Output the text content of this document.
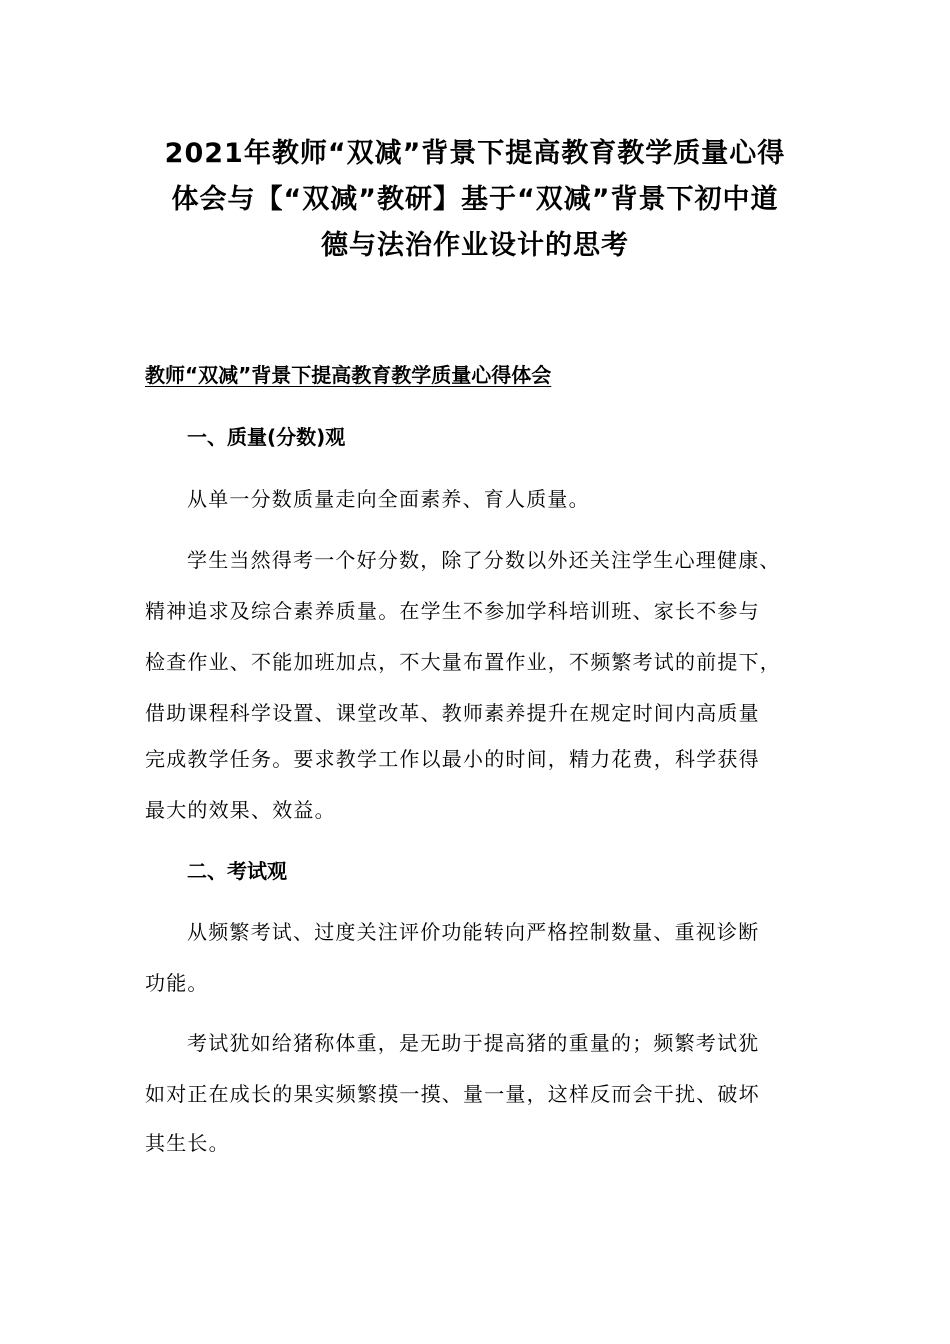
2021年教师“双减”背景下提高教育教学质量心得
体会与【“双减”教研】基于“双减”背景下初中道
德与法治作业设计的思考
教师“双减”背景下提高教育教学质量心得体会
一、质量(分数)观
从单一分数质量走向全面素养、育人质量。
学生当然得考一个好分数，除了分数以外还关注学生心理健康、
精神追求及综合素养质量。在学生不参加学科培训班、家长不参与
检查作业、不能加班加点，不大量布置作业，不频繁考试的前提下，
借助课程科学设置、课堂改革、教师素养提升在规定时间内高质量
完成教学任务。要求教学工作以最小的时间，精力花费，科学获得
最大的效果、效益。
二、考试观
从频繁考试、过度关注评价功能转向严格控制数量、重视诊断
功能。
考试犹如给猪称体重，是无助于提高猪的重量的；频繁考试犹
如对正在成长的果实频繁摸一摸、量一量，这样反而会干扰、破坏
其生长。
